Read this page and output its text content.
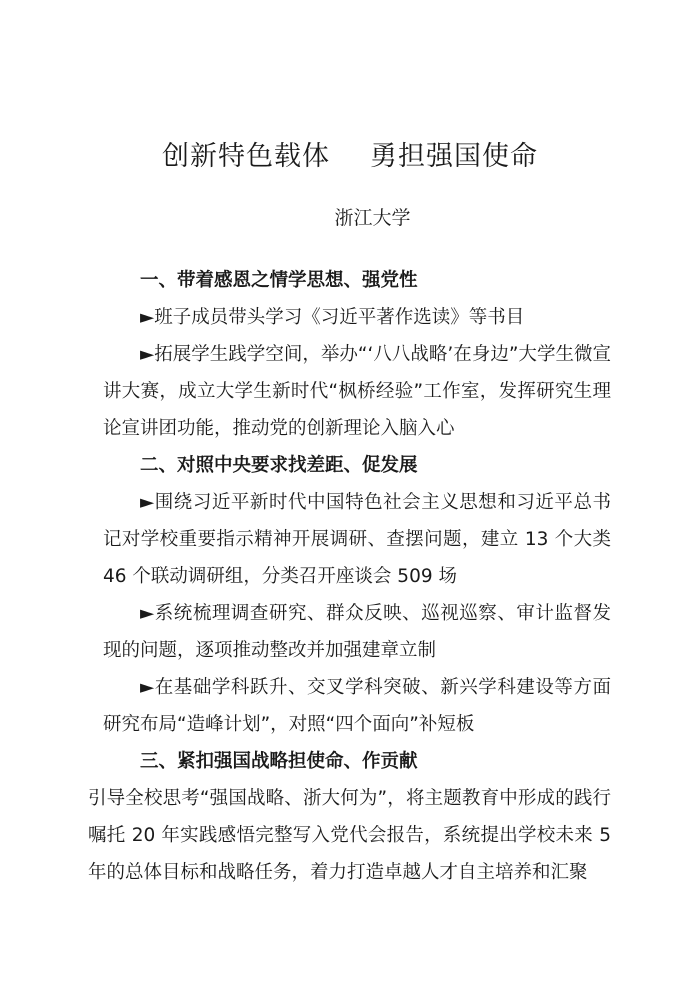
创新特色载体 勇担强国使命
浙江大学

一、带着感恩之情学思想、强党性

►班子成员带头学习《习近平著作选读》等书目

►拓展学生践学空间，举办“‘八八战略’在身边”大学生微宣讲大赛，成立大学生新时代“枫桥经验”工作室，发挥研究生理论宣讲团功能，推动党的创新理论入脑入心

二、对照中央要求找差距、促发展

►围绕习近平新时代中国特色社会主义思想和习近平总书记对学校重要指示精神开展调研、查摆问题，建立 13 个大类 46 个联动调研组，分类召开座谈会 509 场

►系统梳理调查研究、群众反映、巡视巡察、审计监督发现的问题，逐项推动整改并加强建章立制

►在基础学科跃升、交叉学科突破、新兴学科建设等方面研究布局“造峰计划”，对照“四个面向”补短板

三、紧扣强国战略担使命、作贡献

引导全校思考“强国战略、浙大何为”，将主题教育中形成的践行嘱托 20 年实践感悟完整写入党代会报告，系统提出学校未来 5 年的总体目标和战略任务，着力打造卓越人才自主培养和汇聚
